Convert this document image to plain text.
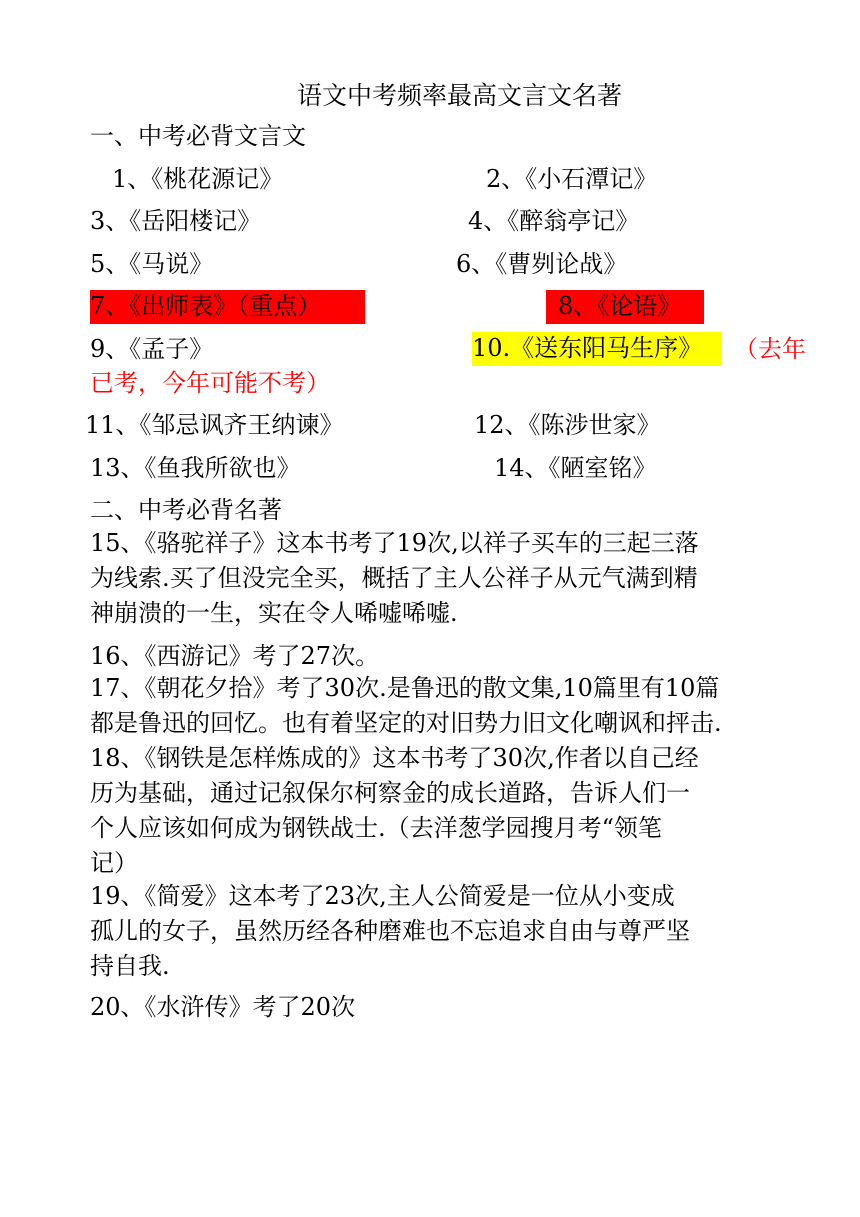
语文中考频率最高文言文名著
一、中考必背文言文
1、《桃花源记》	2、《小石潭记》
3、《岳阳楼记》	4、《醉翁亭记》
5、《马说》	6、《曹刿论战》
7、《出师表》（重点）	8、《论语》
9、《孟子》	10.《送东阳马生序》	（去年
已考，今年可能不考）
11、《邹忌讽齐王纳谏》	12、《陈涉世家》
13、《鱼我所欲也》	14、《陋室铭》
二、中考必背名著
15、《骆驼祥子》这本书考了19次,以祥子买车的三起三落
为线索.买了但没完全买，概括了主人公祥子从元气满到精
神崩溃的一生，实在令人唏嘘唏嘘.
16、《西游记》考了27次。
17、《朝花夕拾》考了30次.是鲁迅的散文集,10篇里有10篇
都是鲁迅的回忆。也有着坚定的对旧势力旧文化嘲讽和抨击.
18、《钢铁是怎样炼成的》这本书考了30次,作者以自己经
历为基础，通过记叙保尔柯察金的成长道路，告诉人们一
个人应该如何成为钢铁战士.（去洋葱学园搜月考“领笔
记）
19、《简爱》这本考了23次,主人公简爱是一位从小变成
孤儿的女子，虽然历经各种磨难也不忘追求自由与尊严坚
持自我.
20、《水浒传》考了20次
